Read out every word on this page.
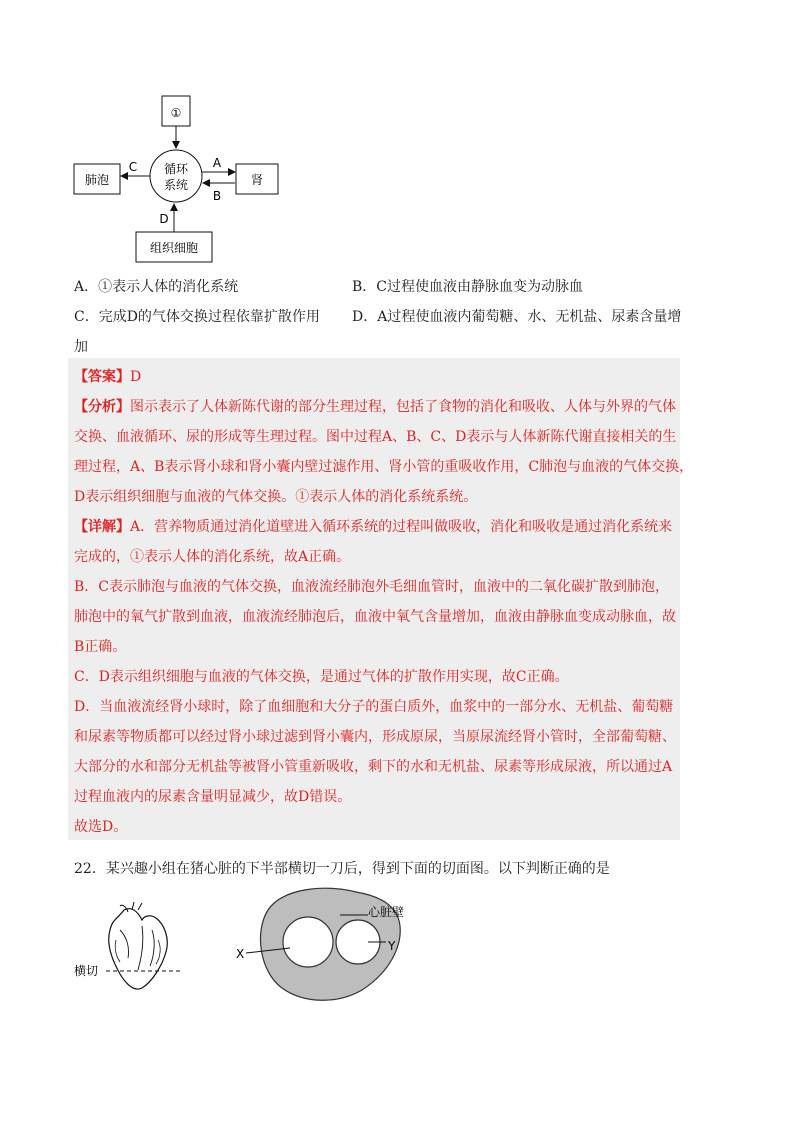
①
循环
系统
肺泡	肾
组织细胞
C	A
B
D
A．①表示人体的消化系统	B．C过程使血液由静脉血变为动脉血
C．完成D的气体交换过程依靠扩散作用 D．A过程使血液内葡萄糖、水、无机盐、尿素含量增
加
【答案】D
【分析】图示表示了人体新陈代谢的部分生理过程，包括了食物的消化和吸收、人体与外界的气体
交换、血液循环、尿的形成等生理过程。图中过程A、B、C、D表示与人体新陈代谢直接相关的生
理过程，A、B表示肾小球和肾小囊内壁过滤作用、肾小管的重吸收作用，C肺泡与血液的气体交换，
D表示组织细胞与血液的气体交换。①表示人体的消化系统系统。
【详解】A．营养物质通过消化道壁进入循环系统的过程叫做吸收，消化和吸收是通过消化系统来
完成的，①表示人体的消化系统，故A正确。
B．C表示肺泡与血液的气体交换，血液流经肺泡外毛细血管时，血液中的二氧化碳扩散到肺泡，
肺泡中的氧气扩散到血液，血液流经肺泡后，血液中氧气含量增加，血液由静脉血变成动脉血，故
B正确。
C．D表示组织细胞与血液的气体交换，是通过气体的扩散作用实现，故C正确。
D．当血液流经肾小球时，除了血细胞和大分子的蛋白质外，血浆中的一部分水、无机盐、葡萄糖
和尿素等物质都可以经过肾小球过滤到肾小囊内，形成原尿，当原尿流经肾小管时，全部葡萄糖、
大部分的水和部分无机盐等被肾小管重新吸收，剩下的水和无机盐、尿素等形成尿液，所以通过A
过程血液内的尿素含量明显减少，故D错误。
故选D。
22．某兴趣小组在猪心脏的下半部横切一刀后，得到下面的切面图。以下判断正确的是
横切
心脏壁
X
Y
